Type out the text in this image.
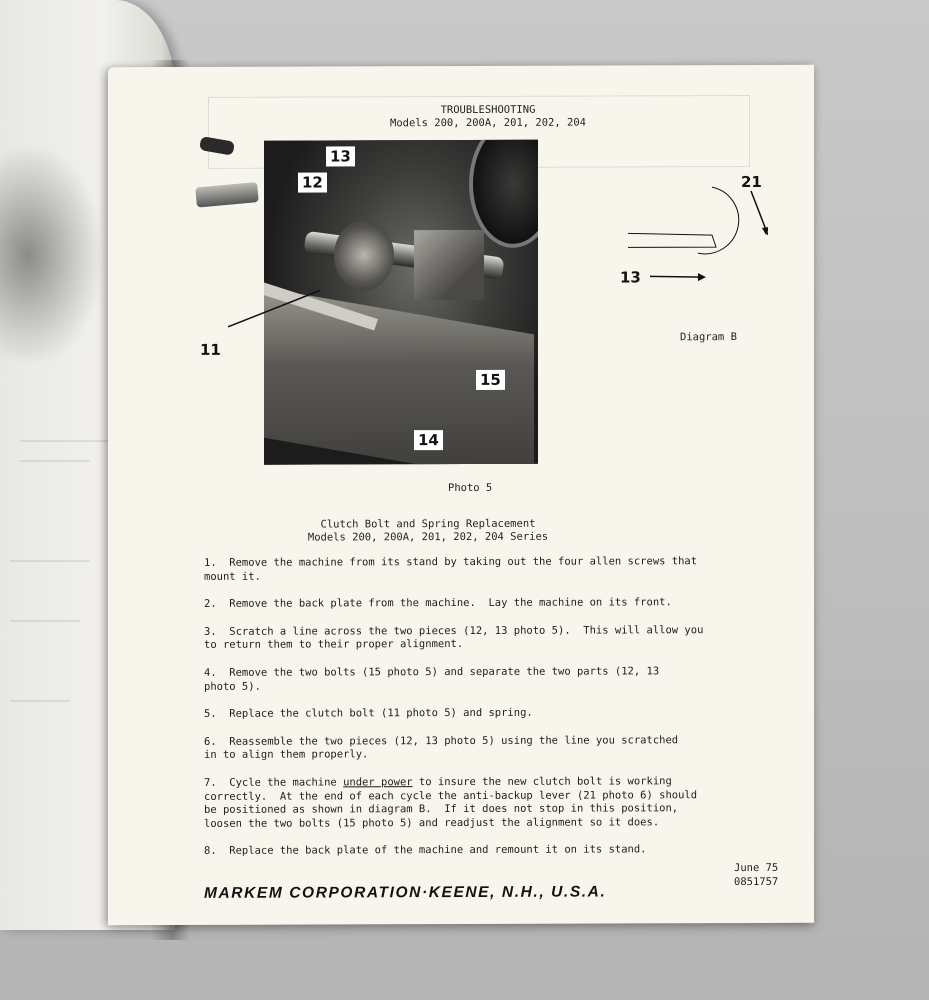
TROUBLESHOOTING
Models 200, 200A, 201, 202, 204
13
12
15
14
11
Photo 5
21
13
Diagram B
Clutch Bolt and Spring Replacement
Models 200, 200A, 201, 202, 204 Series
1.  Remove the machine from its stand by taking out the four allen screws that
mount it.
2.  Remove the back plate from the machine.  Lay the machine on its front.
3.  Scratch a line across the two pieces (12, 13 photo 5).  This will allow you
to return them to their proper alignment.
4.  Remove the two bolts (15 photo 5) and separate the two parts (12, 13
photo 5).
5.  Replace the clutch bolt (11 photo 5) and spring.
6.  Reassemble the two pieces (12, 13 photo 5) using the line you scratched
in to align them properly.
7.  Cycle the machine under power to insure the new clutch bolt is working
correctly.  At the end of each cycle the anti-backup lever (21 photo 6) should
be positioned as shown in diagram B.  If it does not stop in this position,
loosen the two bolts (15 photo 5) and readjust the alignment so it does.
8.  Replace the back plate of the machine and remount it on its stand.
June 75
0851757
MARKEM CORPORATION·KEENE, N.H., U.S.A.
